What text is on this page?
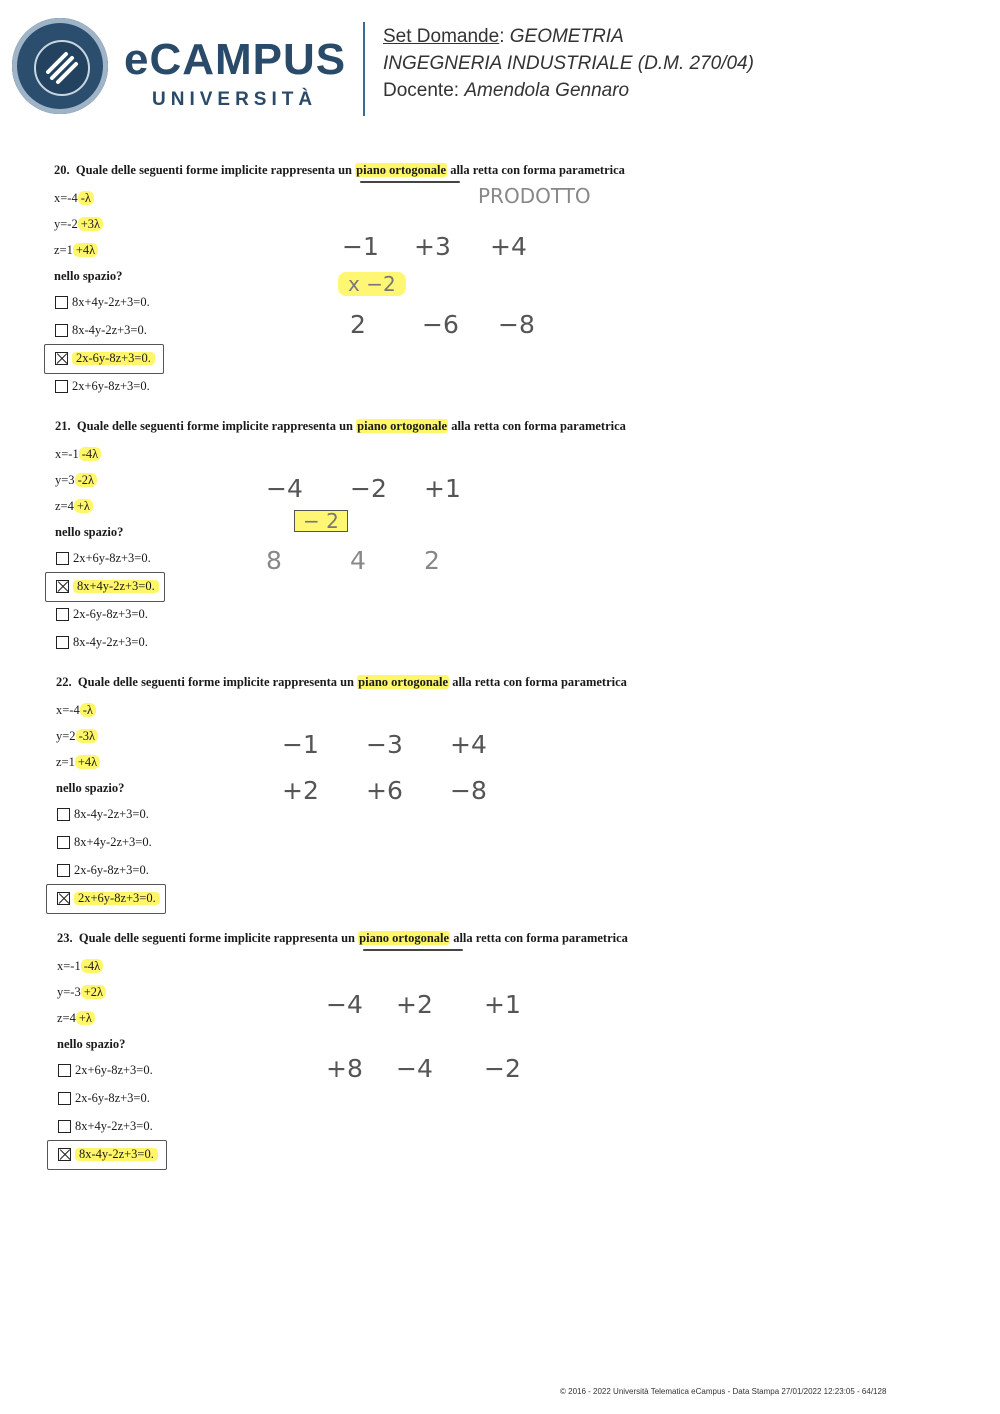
eCAMPUS
UNIVERSITÀ
Set Domande: GEOMETRIA
INGEGNERIA INDUSTRIALE (D.M. 270/04)
Docente: Amendola Gennaro
20. Quale delle seguenti forme implicite rappresenta un piano ortogonale alla retta con forma parametrica
x=-4 -λ
y=-2 +3λ
z=1 +4λ
nello spazio?
8x+4y-2z+3=0.
8x-4y-2z+3=0.
2x-6y-8z+3=0.
2x+6y-8z+3=0.
PRODOTTO
−1 +3 +4
x −2
2 −6 −8
21. Quale delle seguenti forme implicite rappresenta un piano ortogonale alla retta con forma parametrica
x=-1 -4λ
y=3 -2λ
z=4 +λ
nello spazio?
2x+6y-8z+3=0.
8x+4y-2z+3=0.
2x-6y-8z+3=0.
8x-4y-2z+3=0.
−4 −2 +1
− 2
8	4 2
22. Quale delle seguenti forme implicite rappresenta un piano ortogonale alla retta con forma parametrica
x=-4 -λ
y=2 -3λ
z=1 +4λ
nello spazio?
8x-4y-2z+3=0.
8x+4y-2z+3=0.
2x-6y-8z+3=0.
2x+6y-8z+3=0.
−1 −3 +4
+2 +6 −8
23. Quale delle seguenti forme implicite rappresenta un piano ortogonale alla retta con forma parametrica
x=-1 -4λ
y=-3 +2λ
z=4 +λ
nello spazio?
2x+6y-8z+3=0.
2x-6y-8z+3=0.
8x+4y-2z+3=0.
8x-4y-2z+3=0.
−4 +2 +1
+8 −4 −2
© 2016 - 2022 Università Telematica eCampus - Data Stampa 27/01/2022 12:23:05 - 64/128
